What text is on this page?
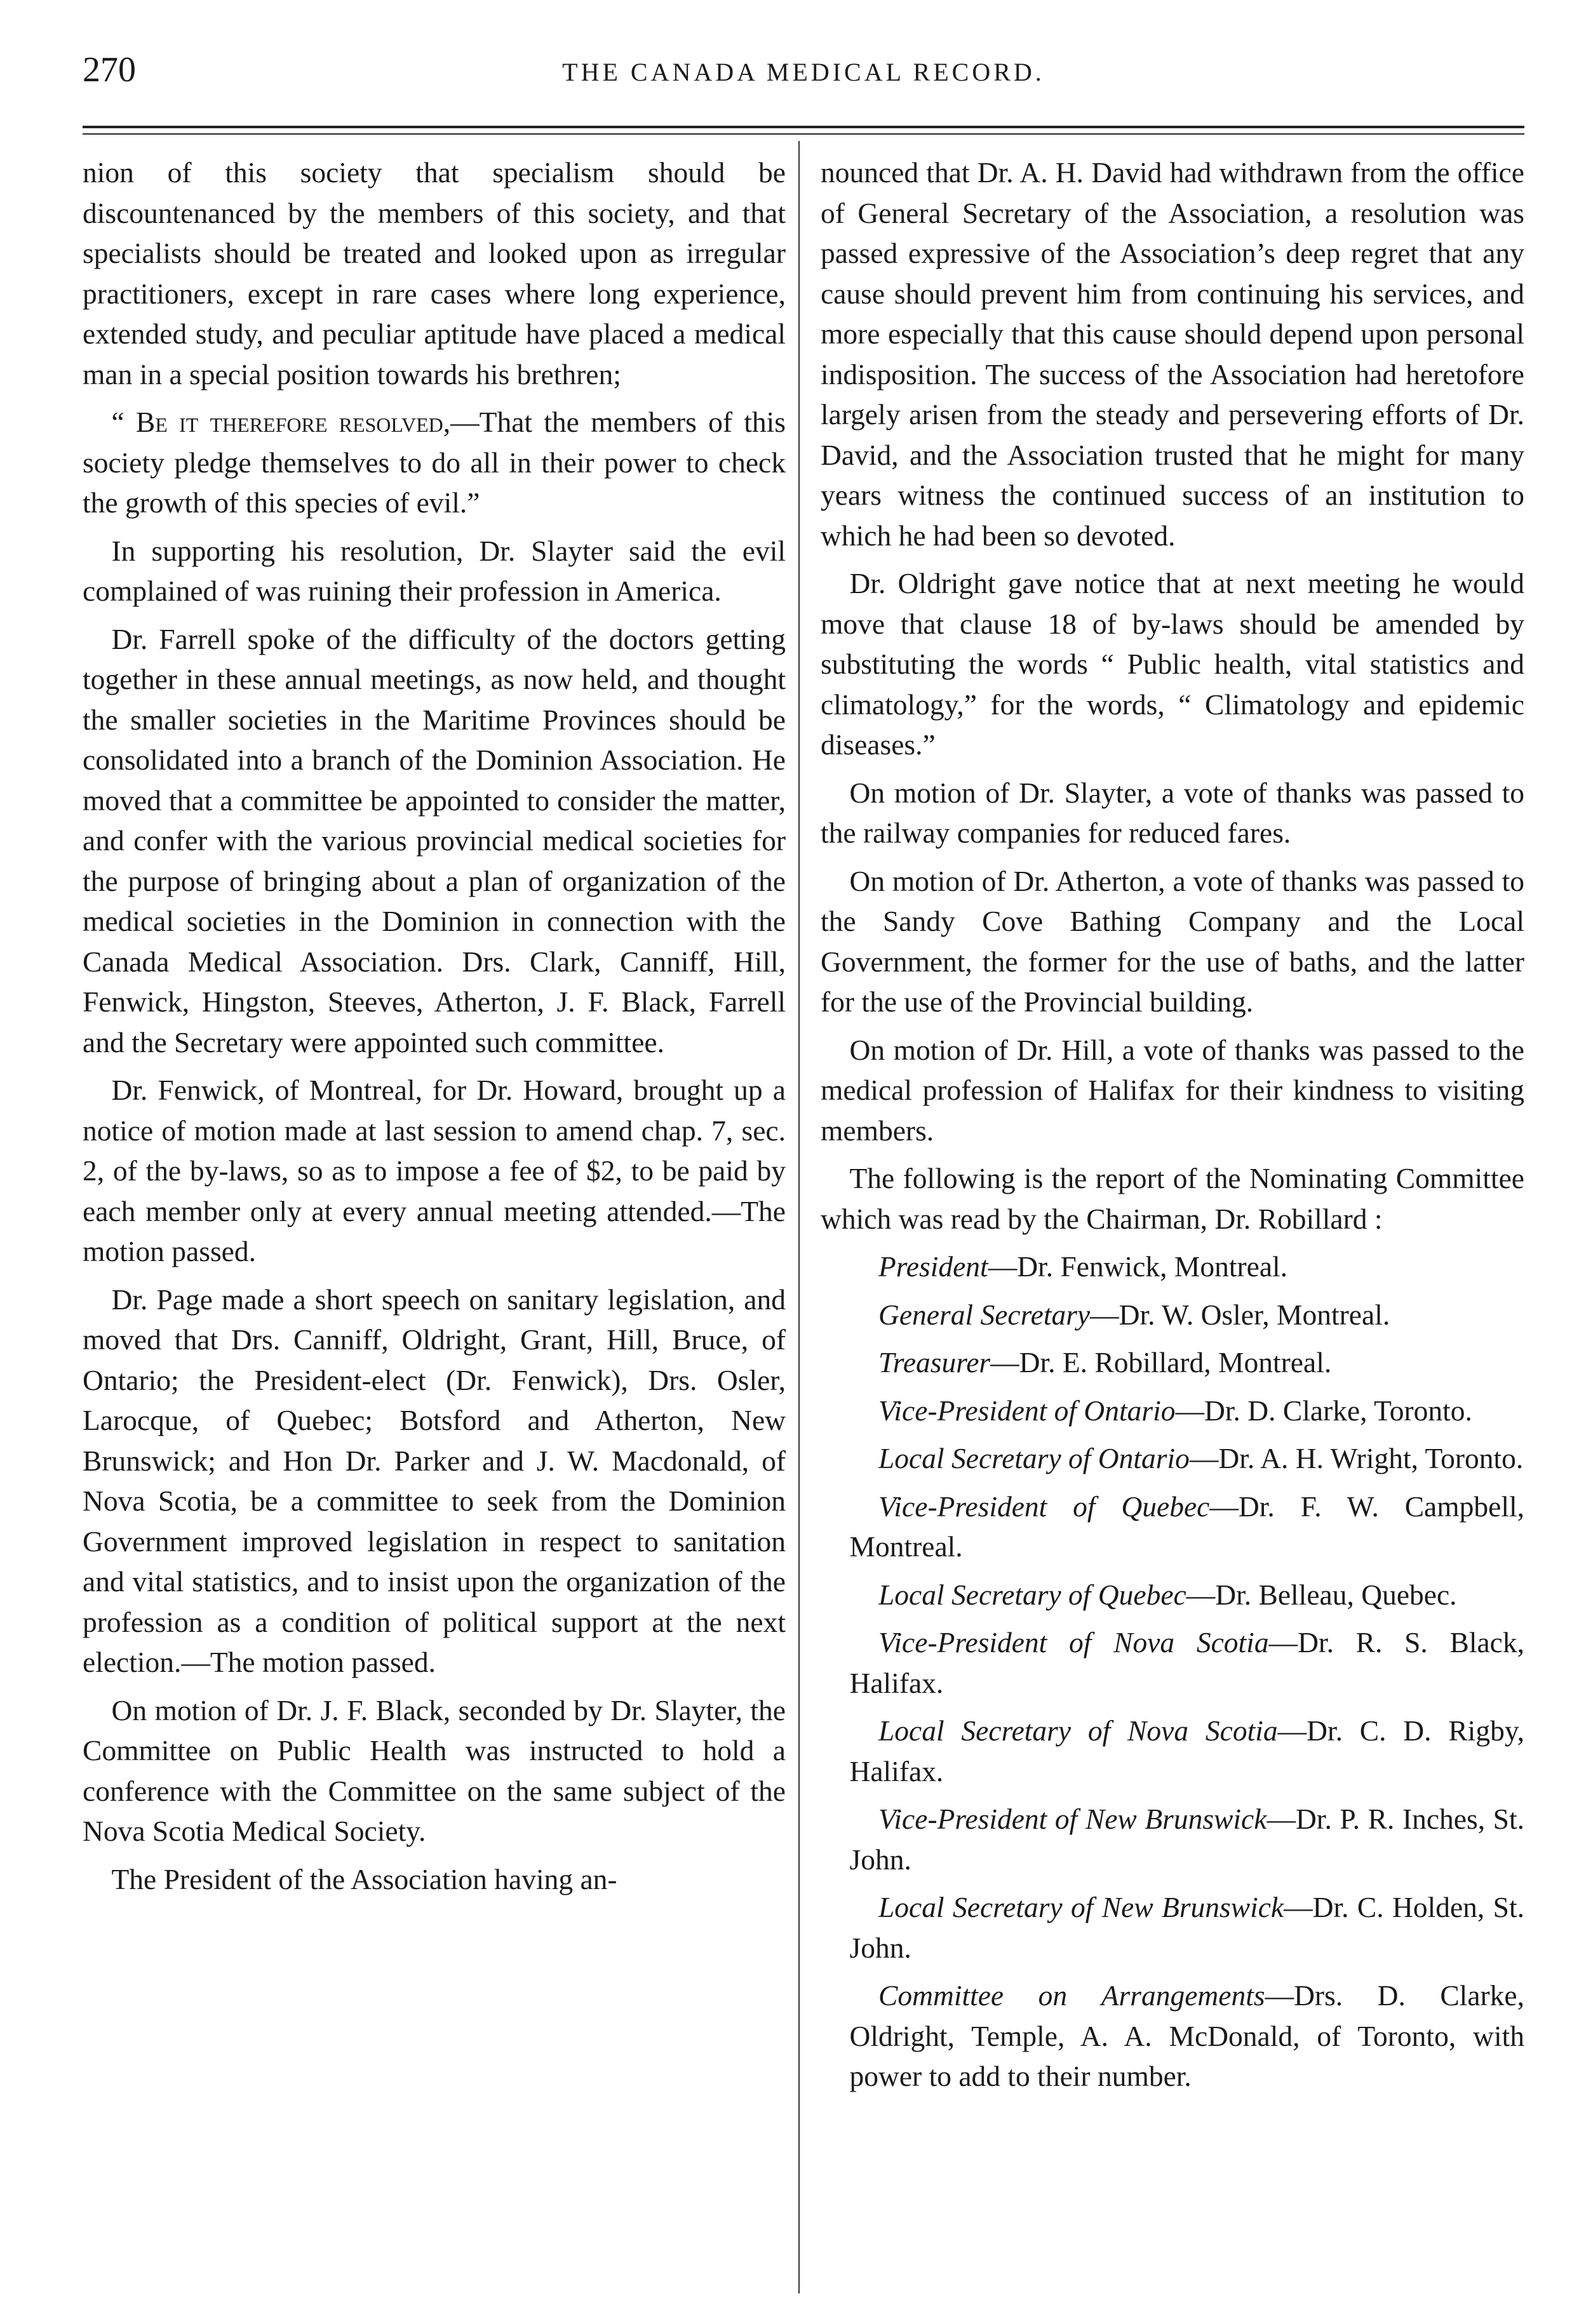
270	THE CANADA MEDICAL RECORD.

nion of this society that specialism should be discountenanced by the members of this society, and that specialists should be treated and looked upon as irregular practitioners, except in rare cases where long experience, extended study, and peculiar aptitude have placed a medical man in a special position towards his brethren;

“ Be it therefore resolved,—That the members of this society pledge themselves to do all in their power to check the growth of this species of evil.”

In supporting his resolution, Dr. Slayter said the evil complained of was ruining their profession in America.

Dr. Farrell spoke of the difficulty of the doctors getting together in these annual meetings, as now held, and thought the smaller societies in the Maritime Provinces should be consolidated into a branch of the Dominion Association. He moved that a committee be appointed to consider the matter, and confer with the various provincial medical societies for the purpose of bringing about a plan of organization of the medical societies in the Dominion in connection with the Canada Medical Association. Drs. Clark, Canniff, Hill, Fenwick, Hingston, Steeves, Atherton, J. F. Black, Farrell and the Secretary were appointed such committee.

Dr. Fenwick, of Montreal, for Dr. Howard, brought up a notice of motion made at last session to amend chap. 7, sec. 2, of the by-laws, so as to impose a fee of $2, to be paid by each member only at every annual meeting attended.—The motion passed.

Dr. Page made a short speech on sanitary legislation, and moved that Drs. Canniff, Oldright, Grant, Hill, Bruce, of Ontario; the President-elect (Dr. Fenwick), Drs. Osler, Larocque, of Quebec; Botsford and Atherton, New Brunswick; and Hon Dr. Parker and J. W. Macdonald, of Nova Scotia, be a committee to seek from the Dominion Government improved legislation in respect to sanitation and vital statistics, and to insist upon the organization of the profession as a condition of political support at the next election.—The motion passed.

On motion of Dr. J. F. Black, seconded by Dr. Slayter, the Committee on Public Health was instructed to hold a conference with the Committee on the same subject of the Nova Scotia Medical Society.

The President of the Association having an-

nounced that Dr. A. H. David had withdrawn from the office of General Secretary of the Association, a resolution was passed expressive of the Association’s deep regret that any cause should prevent him from continuing his services, and more especially that this cause should depend upon personal indisposition. The success of the Association had heretofore largely arisen from the steady and persevering efforts of Dr. David, and the Association trusted that he might for many years witness the continued success of an institution to which he had been so devoted.

Dr. Oldright gave notice that at next meeting he would move that clause 18 of by-laws should be amended by substituting the words “ Public health, vital statistics and climatology,” for the words, “ Climatology and epidemic diseases.”

On motion of Dr. Slayter, a vote of thanks was passed to the railway companies for reduced fares.

On motion of Dr. Atherton, a vote of thanks was passed to the Sandy Cove Bathing Company and the Local Government, the former for the use of baths, and the latter for the use of the Provincial building.

On motion of Dr. Hill, a vote of thanks was passed to the medical profession of Halifax for their kindness to visiting members.

The following is the report of the Nominating Committee which was read by the Chairman, Dr. Robillard :

President—Dr. Fenwick, Montreal.

General Secretary—Dr. W. Osler, Montreal.

Treasurer—Dr. E. Robillard, Montreal.

Vice-President of Ontario—Dr. D. Clarke, Toronto.

Local Secretary of Ontario—Dr. A. H. Wright, Toronto.

Vice-President of Quebec—Dr. F. W. Campbell, Montreal.

Local Secretary of Quebec—Dr. Belleau, Quebec.

Vice-President of Nova Scotia—Dr. R. S. Black, Halifax.

Local Secretary of Nova Scotia—Dr. C. D. Rigby, Halifax.

Vice-President of New Brunswick—Dr. P. R. Inches, St. John.

Local Secretary of New Brunswick—Dr. C. Holden, St. John.

Committee on Arrangements—Drs. D. Clarke, Oldright, Temple, A. A. McDonald, of Toronto, with power to add to their number.
